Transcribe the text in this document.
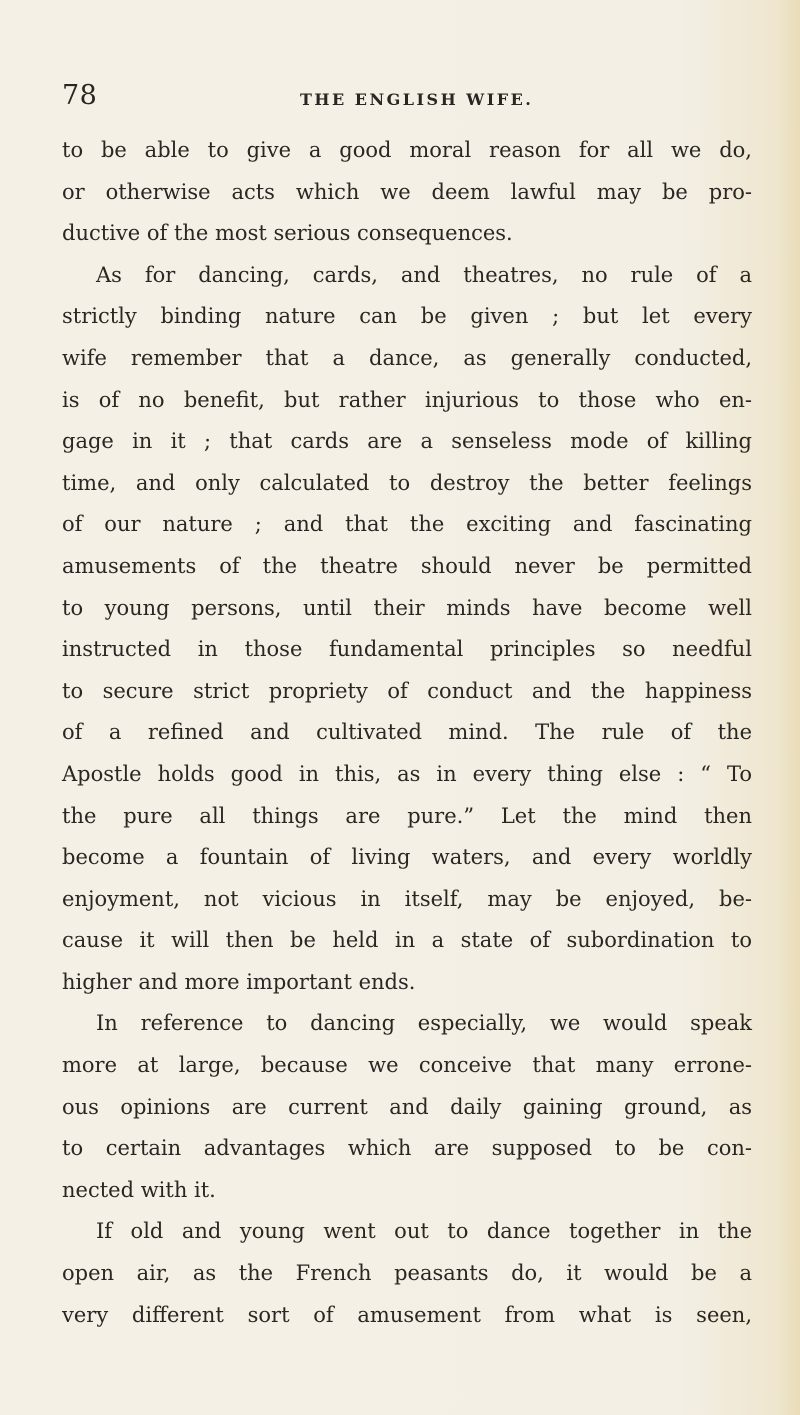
78	THE ENGLISH WIFE.
to be able to give a good moral reason for all we do,
or otherwise acts which we deem lawful may be pro-
ductive of the most serious consequences.
As for dancing, cards, and theatres, no rule of a
strictly binding nature can be given ; but let every
wife remember that a dance, as generally conducted,
is of no benefit, but rather injurious to those who en-
gage in it ; that cards are a senseless mode of killing
time, and only calculated to destroy the better feelings
of our nature ; and that the exciting and fascinating
amusements of the theatre should never be permitted
to young persons, until their minds have become well
instructed in those fundamental principles so needful
to secure strict propriety of conduct and the happiness
of a refined and cultivated mind. The rule of the
Apostle holds good in this, as in every thing else : “ To
the pure all things are pure.” Let the mind then
become a fountain of living waters, and every worldly
enjoyment, not vicious in itself, may be enjoyed, be-
cause it will then be held in a state of subordination to
higher and more important ends.
In reference to dancing especially, we would speak
more at large, because we conceive that many errone-
ous opinions are current and daily gaining ground, as
to certain advantages which are supposed to be con-
nected with it.
If old and young went out to dance together in the
open air, as the French peasants do, it would be a
very different sort of amusement from what is seen,
